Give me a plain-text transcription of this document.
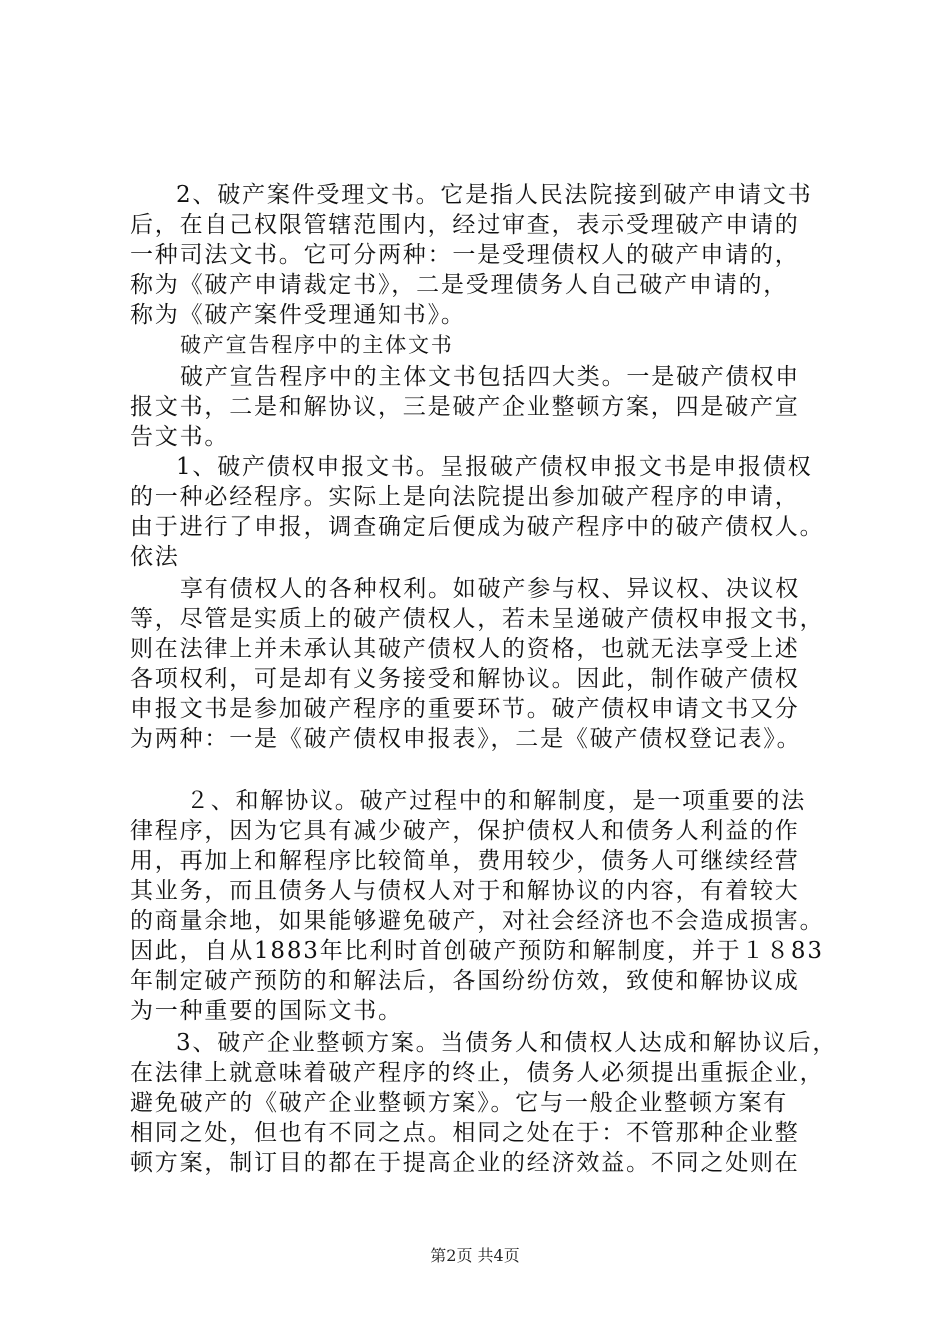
2、破产案件受理文书。它是指人民法院接到破产申请文书
后，在自己权限管辖范围内，经过审查，表示受理破产申请的
一种司法文书。它可分两种：一是受理债权人的破产申请的，
称为《破产申请裁定书》，二是受理债务人自己破产申请的，
称为《破产案件受理通知书》。
破产宣告程序中的主体文书
破产宣告程序中的主体文书包括四大类。一是破产债权申
报文书，二是和解协议，三是破产企业整顿方案，四是破产宣
告文书。
1、破产债权申报文书。呈报破产债权申报文书是申报债权
的一种必经程序。实际上是向法院提出参加破产程序的申请，
由于进行了申报，调查确定后便成为破产程序中的破产债权人。
依法
享有债权人的各种权利。如破产参与权、异议权、决议权
等，尽管是实质上的破产债权人，若未呈递破产债权申报文书，
则在法律上并未承认其破产债权人的资格，也就无法享受上述
各项权利，可是却有义务接受和解协议。因此，制作破产债权
申报文书是参加破产程序的重要环节。破产债权申请文书又分
为两种：一是《破产债权申报表》，二是《破产债权登记表》。
２、和解协议。破产过程中的和解制度，是一项重要的法
律程序，因为它具有减少破产，保护债权人和债务人利益的作
用，再加上和解程序比较简单，费用较少，债务人可继续经营
其业务，而且债务人与债权人对于和解协议的内容，有着较大
的商量余地，如果能够避免破产，对社会经济也不会造成损害。
因此，自从1883年比利时首创破产预防和解制度，并于１８83
年制定破产预防的和解法后，各国纷纷仿效，致使和解协议成
为一种重要的国际文书。
3、破产企业整顿方案。当债务人和债权人达成和解协议后，
在法律上就意味着破产程序的终止，债务人必须提出重振企业，
避免破产的《破产企业整顿方案》。它与一般企业整顿方案有
相同之处，但也有不同之点。相同之处在于：不管那种企业整
顿方案，制订目的都在于提高企业的经济效益。不同之处则在
第2页 共4页
